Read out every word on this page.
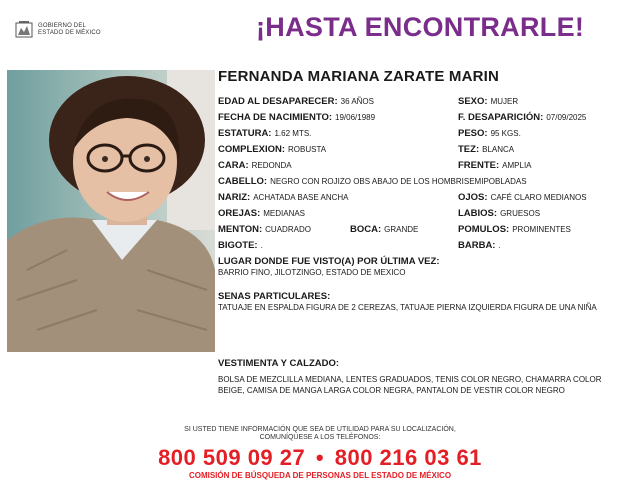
GOBIERNO DEL
ESTADO DE MÉXICO	¡HASTA ENCONTRARLE!
FERNANDA MARIANA ZARATE MARIN
EDAD AL DESAPARECER: 36 AÑOS	SEXO: MUJER
FECHA DE NACIMIENTO: 19/06/1989	F. DESAPARICIÓN: 07/09/2025
ESTATURA: 1.62 MTS.	PESO: 95 KGS.
COMPLEXION: ROBUSTA	TEZ: BLANCA
CARA: REDONDA	FRENTE: AMPLIA
CABELLO: NEGRO CON ROJIZO OBS ABAJO DE LOS HOMBRISEMIPOBLADAS
NARIZ: ACHATADA BASE ANCHA	OJOS: CAFÉ CLARO MEDIANOS
OREJAS: MEDIANAS	LABIOS: GRUESOS
MENTON: CUADRADO	BOCA: GRANDE	POMULOS: PROMINENTES
BIGOTE: .	BARBA: .
LUGAR DONDE FUE VISTO(A) POR ÚLTIMA VEZ:
BARRIO FINO, JILOTZINGO, ESTADO DE MEXICO
SENAS PARTICULARES:
TATUAJE EN ESPALDA FIGURA DE 2 CEREZAS, TATUAJE PIERNA IZQUIERDA FIGURA DE UNA NIÑA
VESTIMENTA Y CALZADO:
BOLSA DE MEZCLILLA MEDIANA, LENTES GRADUADOS, TENIS COLOR NEGRO, CHAMARRA COLOR BEIGE, CAMISA DE MANGA LARGA COLOR NEGRA, PANTALON DE VESTIR COLOR NEGRO
SI USTED TIENE INFORMACIÓN QUE SEA DE UTILIDAD PARA SU LOCALIZACIÓN,
COMUNÍQUESE A LOS TELÉFONOS:
800 509 09 27 • 800 216 03 61
COMISIÓN DE BÚSQUEDA DE PERSONAS DEL ESTADO DE MÉXICO
